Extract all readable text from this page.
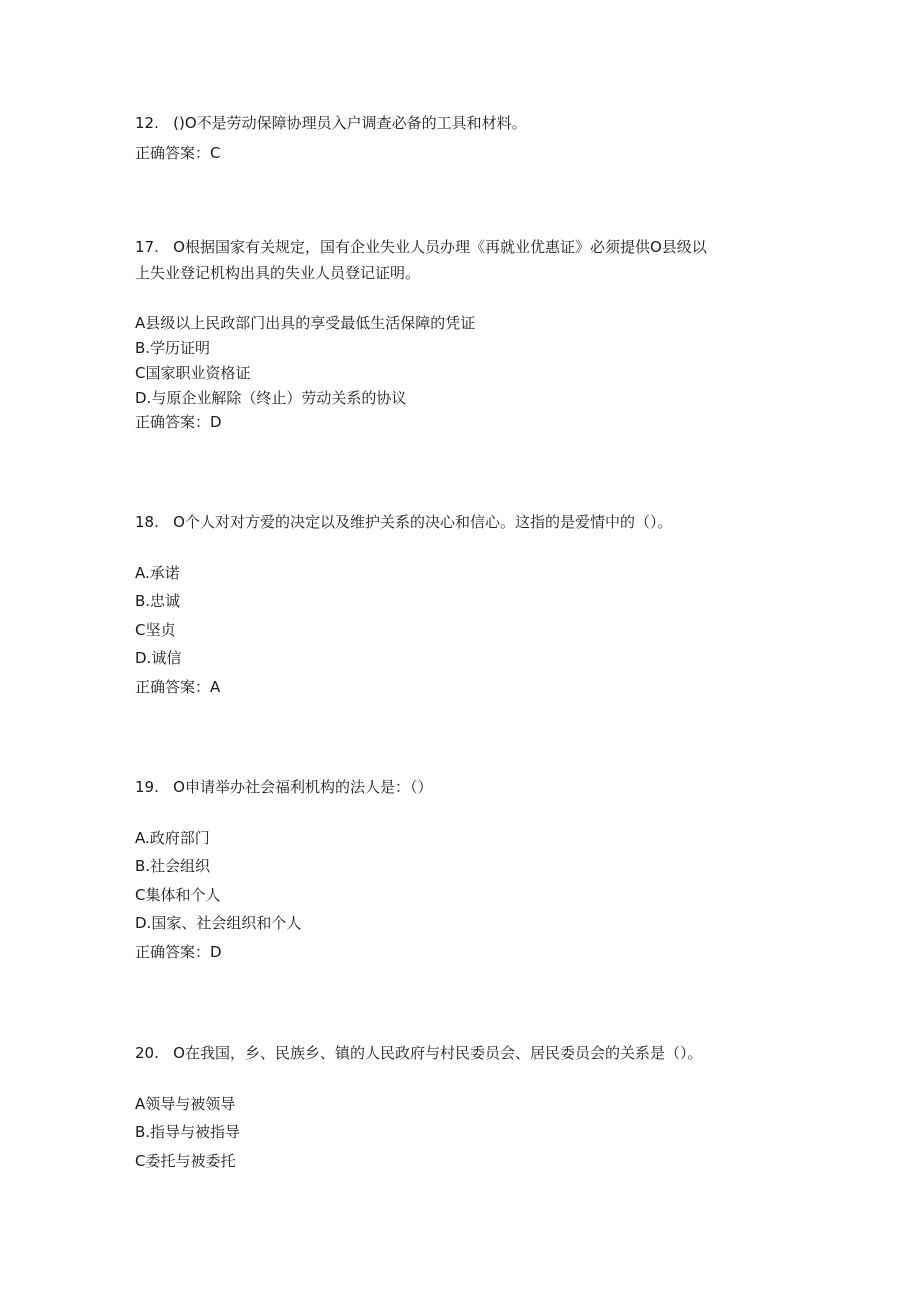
12.   ()O不是劳动保障协理员入户调查必备的工具和材料。
正确答案：C
17.   O根据国家有关规定，国有企业失业人员办理《再就业优惠证》必须提供O县级以
上失业登记机构出具的失业人员登记证明。
A县级以上民政部门出具的享受最低生活保障的凭证
B.学历证明
C国家职业资格证
D.与原企业解除（终止）劳动关系的协议
正确答案：D
18.   O个人对对方爱的决定以及维护关系的决心和信心。这指的是爱情中的（）。
A.承诺
B.忠诚
C坚贞
D.诚信
正确答案：A
19.   O申请举办社会福利机构的法人是：（）
A.政府部门
B.社会组织
C集体和个人
D.国家、社会组织和个人
正确答案：D
20.   O在我国，乡、民族乡、镇的人民政府与村民委员会、居民委员会的关系是（）。
A领导与被领导
B.指导与被指导
C委托与被委托
